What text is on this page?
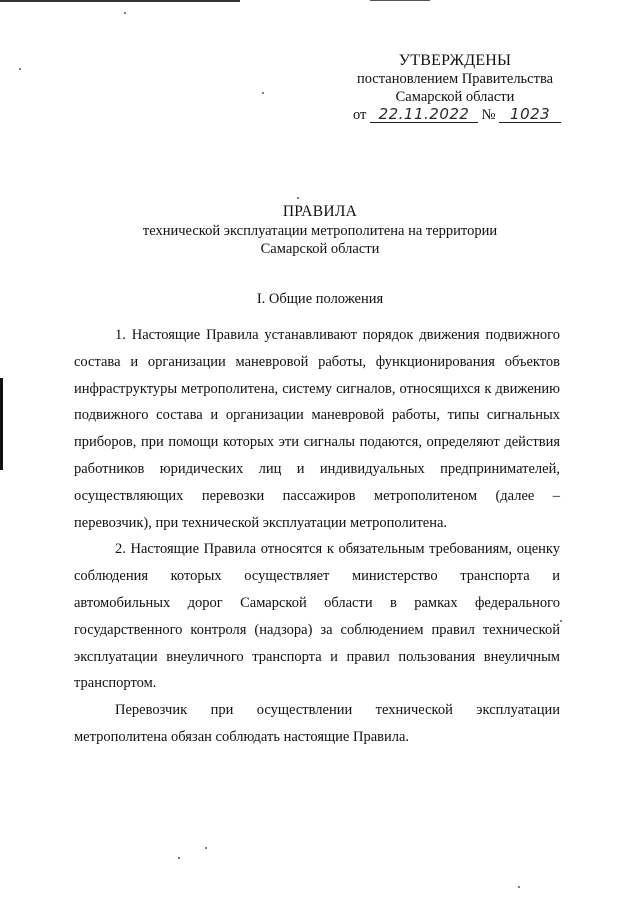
УТВЕРЖДЕНЫ
постановлением Правительства
Самарской области
от 22.11.2022 № 1023
ПРАВИЛА
технической эксплуатации метрополитена на территории
Самарской области
I. Общие положения

1. Настоящие Правила устанавливают порядок движения подвижного состава и организации маневровой работы, функционирования объектов инфраструктуры метрополитена, систему сигналов, относящихся к движению подвижного состава и организации маневровой работы, типы сигнальных приборов, при помощи которых эти сигналы подаются, определяют действия работников юридических лиц и индивидуальных предпринимателей, осуществляющих перевозки пассажиров метрополитеном (далее – перевозчик), при технической эксплуатации метрополитена.

2. Настоящие Правила относятся к обязательным требованиям, оценку соблюдения которых осуществляет министерство транспорта и автомобильных дорог Самарской области в рамках федерального государственного контроля (надзора) за соблюдением правил технической эксплуатации внеуличного транспорта и правил пользования внеуличным транспортом.

Перевозчик при осуществлении технической эксплуатации метрополитена обязан соблюдать настоящие Правила.
